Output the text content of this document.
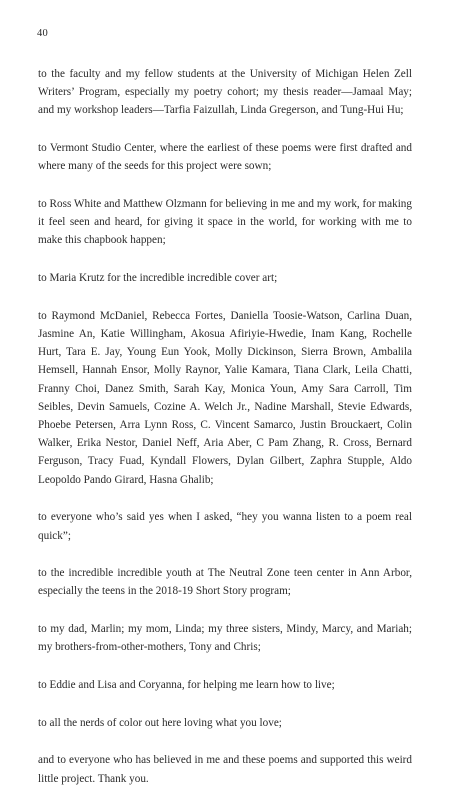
40

to the faculty and my fellow students at the University of Michigan Helen Zell Writers’ Program, especially my poetry cohort; my thesis reader—Jamaal May; and my workshop leaders—Tarfia Faizullah, Linda Gregerson, and Tung-Hui Hu;

to Vermont Studio Center, where the earliest of these poems were first drafted and where many of the seeds for this project were sown;

to Ross White and Matthew Olzmann for believing in me and my work, for making it feel seen and heard, for giving it space in the world, for working with me to make this chapbook happen;

to Maria Krutz for the incredible incredible cover art;

to Raymond McDaniel, Rebecca Fortes, Daniella Toosie-Watson, Carlina Duan, Jasmine An, Katie Willingham, Akosua Afiriyie-Hwedie, Inam Kang, Rochelle Hurt, Tara E. Jay, Young Eun Yook, Molly Dickinson, Sierra Brown, Ambalila Hemsell, Hannah Ensor, Molly Raynor, Yalie Kamara, Tiana Clark, Leila Chatti, Franny Choi, Danez Smith, Sarah Kay, Monica Youn, Amy Sara Carroll, Tim Seibles, Devin Samuels, Cozine A. Welch Jr., Nadine Marshall, Stevie Edwards, Phoebe Petersen, Arra Lynn Ross, C. Vincent Samarco, Justin Brouckaert, Colin Walker, Erika Nestor, Daniel Neff, Aria Aber, C Pam Zhang, R. Cross, Bernard Ferguson, Tracy Fuad, Kyndall Flowers, Dylan Gilbert, Zaphra Stupple, Aldo Leopoldo Pando Girard, Hasna Ghalib;

to everyone who’s said yes when I asked, “hey you wanna listen to a poem real quick”;

to the incredible incredible youth at The Neutral Zone teen center in Ann Arbor, especially the teens in the 2018-19 Short Story program;

to my dad, Marlin; my mom, Linda; my three sisters, Mindy, Marcy, and Mariah; my brothers-from-other-mothers, Tony and Chris;

to Eddie and Lisa and Coryanna, for helping me learn how to live;

to all the nerds of color out here loving what you love;

and to everyone who has believed in me and these poems and supported this weird little project. Thank you.
